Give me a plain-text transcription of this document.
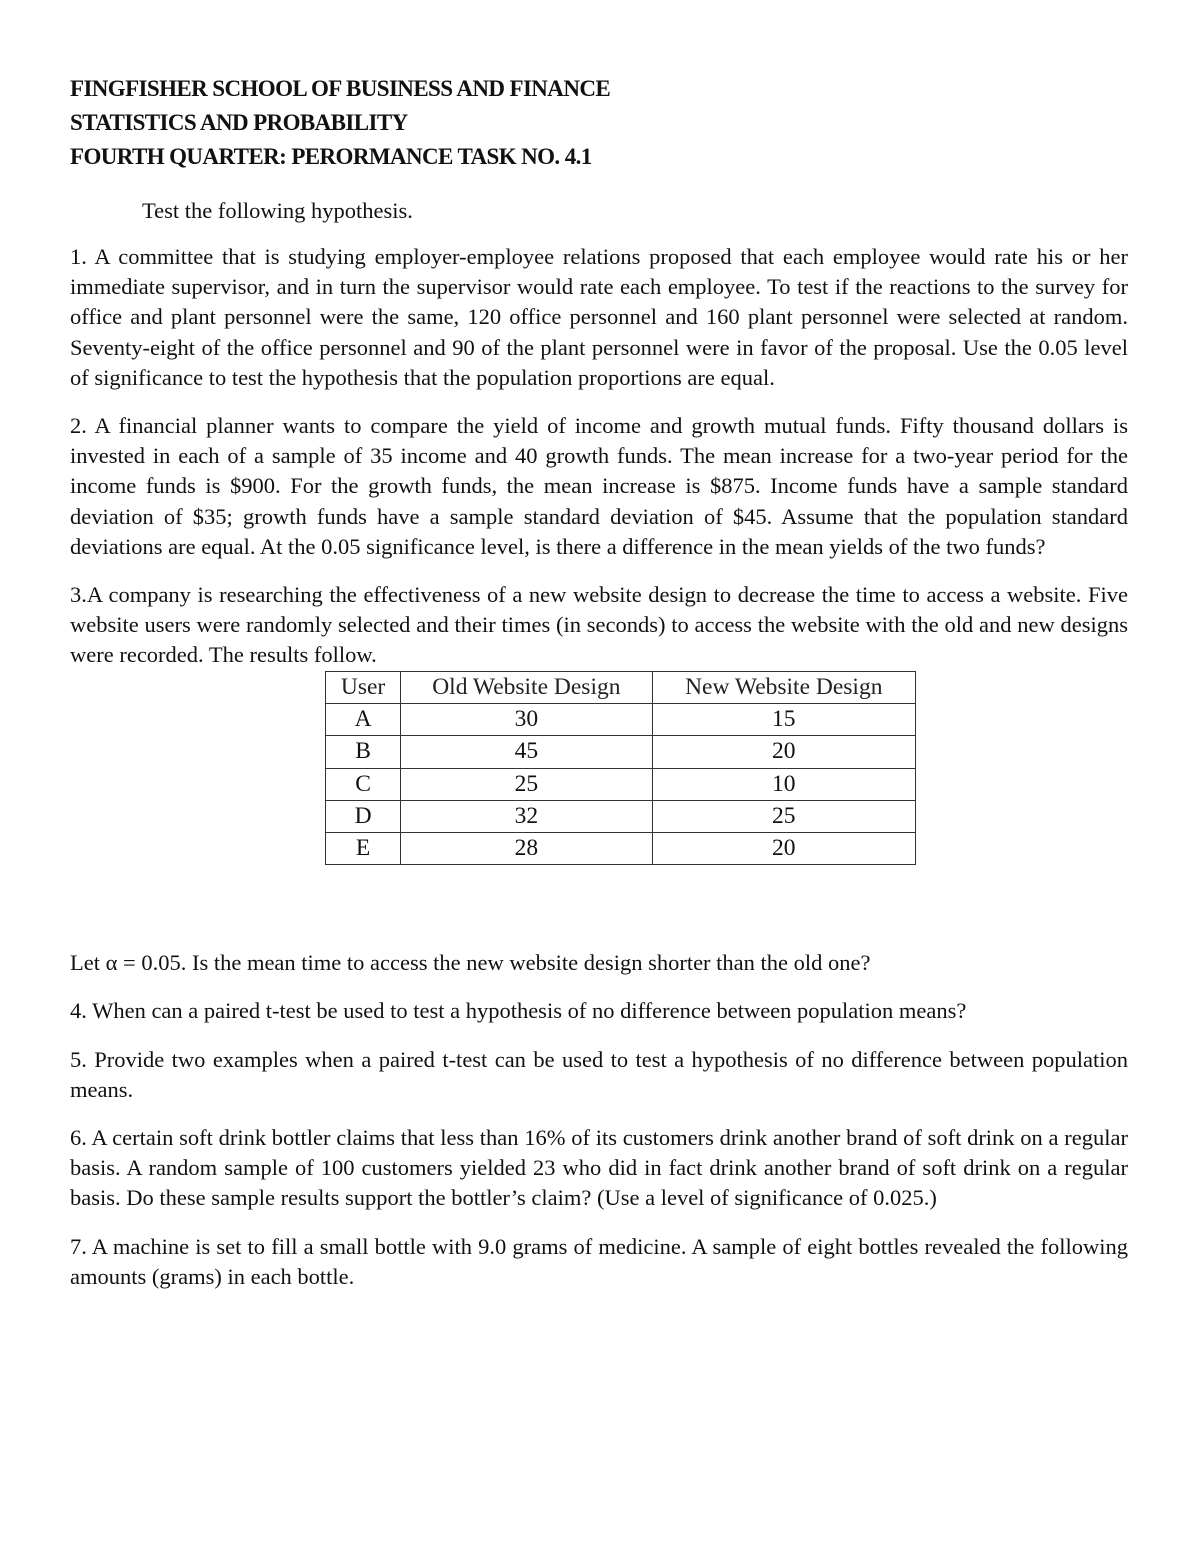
FINGFISHER SCHOOL OF BUSINESS AND FINANCE

STATISTICS AND PROBABILITY

FOURTH QUARTER: PERORMANCE TASK NO. 4.1

Test the following hypothesis.

1. A committee that is studying employer-employee relations proposed that each employee would rate his or her immediate supervisor, and in turn the supervisor would rate each employee. To test if the reactions to the survey for office and plant personnel were the same, 120 office personnel and 160 plant personnel were selected at random. Seventy-eight of the office personnel and 90 of the plant personnel were in favor of the proposal. Use the 0.05 level of significance to test the hypothesis that the population proportions are equal.

2. A financial planner wants to compare the yield of income and growth mutual funds. Fifty thousand dollars is invested in each of a sample of 35 income and 40 growth funds. The mean increase for a two-year period for the income funds is $900. For the growth funds, the mean increase is $875. Income funds have a sample standard deviation of $35; growth funds have a sample standard deviation of $45. Assume that the population standard deviations are equal. At the 0.05 significance level, is there a difference in the mean yields of the two funds?

3.A company is researching the effectiveness of a new website design to decrease the time to access a website. Five website users were randomly selected and their times (in seconds) to access the website with the old and new designs were recorded. The results follow.

User	Old Website Design	New Website Design
A	30	15
B	45	20
C	25	10
D	32	25
E	28	20

Let α = 0.05. Is the mean time to access the new website design shorter than the old one?

4. When can a paired t-test be used to test a hypothesis of no difference between population means?

5. Provide two examples when a paired t-test can be used to test a hypothesis of no difference between population means.

6. A certain soft drink bottler claims that less than 16% of its customers drink another brand of soft drink on a regular basis. A random sample of 100 customers yielded 23 who did in fact drink another brand of soft drink on a regular basis. Do these sample results support the bottler’s claim? (Use a level of significance of 0.025.)

7. A machine is set to fill a small bottle with 9.0 grams of medicine. A sample of eight bottles revealed the following amounts (grams) in each bottle.
